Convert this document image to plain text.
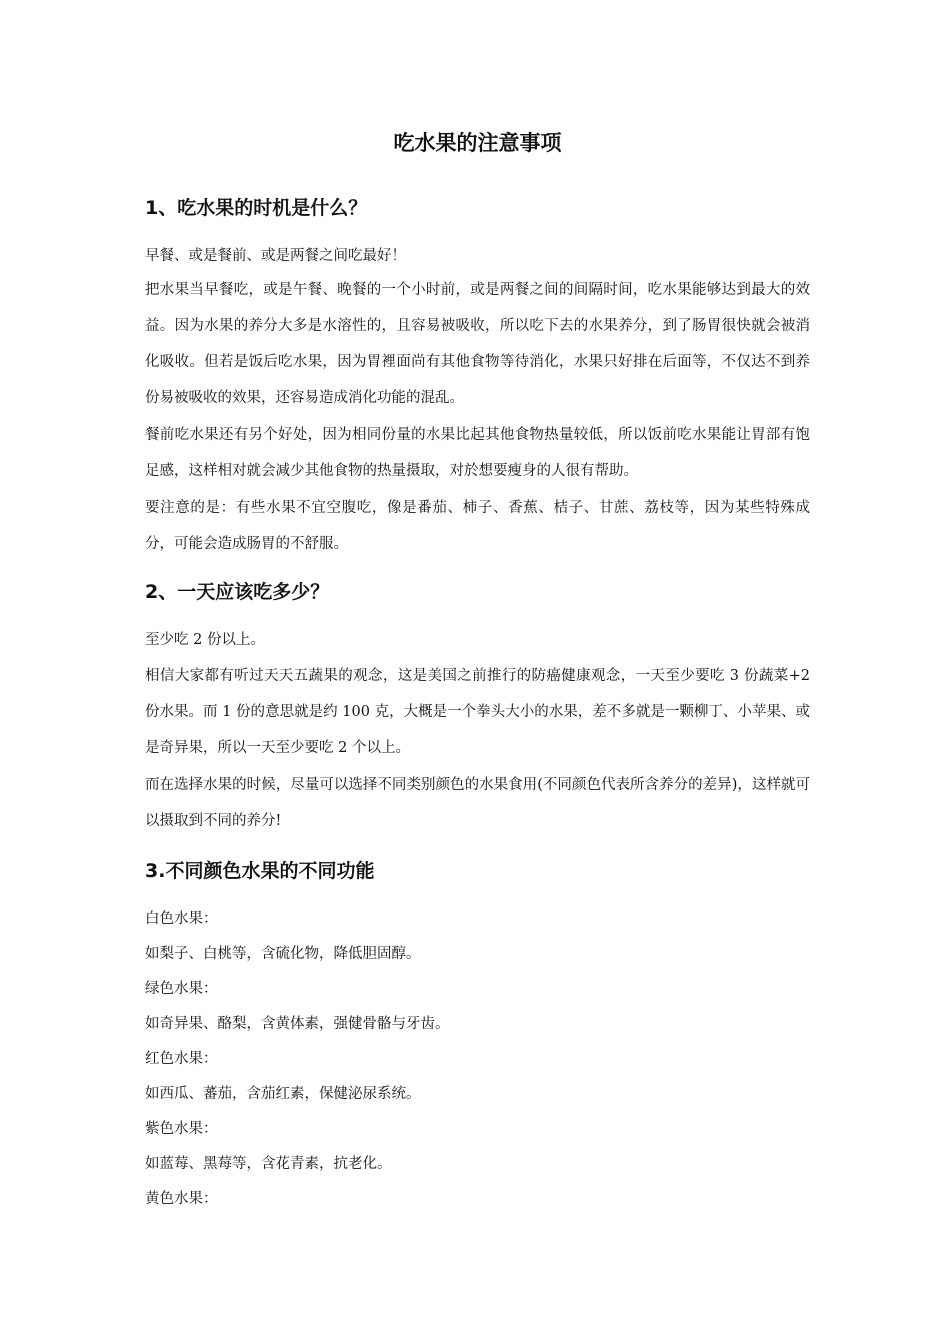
吃水果的注意事项
1、吃水果的时机是什么？

早餐、或是餐前、或是两餐之间吃最好！

把水果当早餐吃，或是午餐、晚餐的一个小时前，或是两餐之间的间隔时间，吃水果能够达到最大的效益。因为水果的养分大多是水溶性的，且容易被吸收，所以吃下去的水果养分，到了肠胃很快就会被消化吸收。但若是饭后吃水果，因为胃裡面尚有其他食物等待消化，水果只好排在后面等，不仅达不到养份易被吸收的效果，还容易造成消化功能的混乱。

餐前吃水果还有另个好处，因为相同份量的水果比起其他食物热量较低，所以饭前吃水果能让胃部有饱足感，这样相对就会减少其他食物的热量摄取，对於想要瘦身的人很有帮助。

要注意的是：有些水果不宜空腹吃，像是番茄、柿子、香蕉、桔子、甘蔗、荔枝等，因为某些特殊成分，可能会造成肠胃的不舒服。

2、一天应该吃多少？

至少吃 2 份以上。

相信大家都有听过天天五蔬果的观念，这是美国之前推行的防癌健康观念，一天至少要吃 3 份蔬菜+2 份水果。而 1 份的意思就是约 100 克，大概是一个拳头大小的水果，差不多就是一颗柳丁、小苹果、或是奇异果，所以一天至少要吃 2 个以上。

而在选择水果的时候，尽量可以选择不同类别颜色的水果食用(不同颜色代表所含养分的差异)，这样就可以摄取到不同的养分!

3.不同颜色水果的不同功能

白色水果：

如梨子、白桃等，含硫化物，降低胆固醇。

绿色水果：

如奇异果、酪梨，含黄体素，强健骨骼与牙齿。

红色水果：

如西瓜、蕃茄，含茄红素，保健泌尿系统。

紫色水果：

如蓝莓、黑莓等，含花青素，抗老化。

黄色水果：
